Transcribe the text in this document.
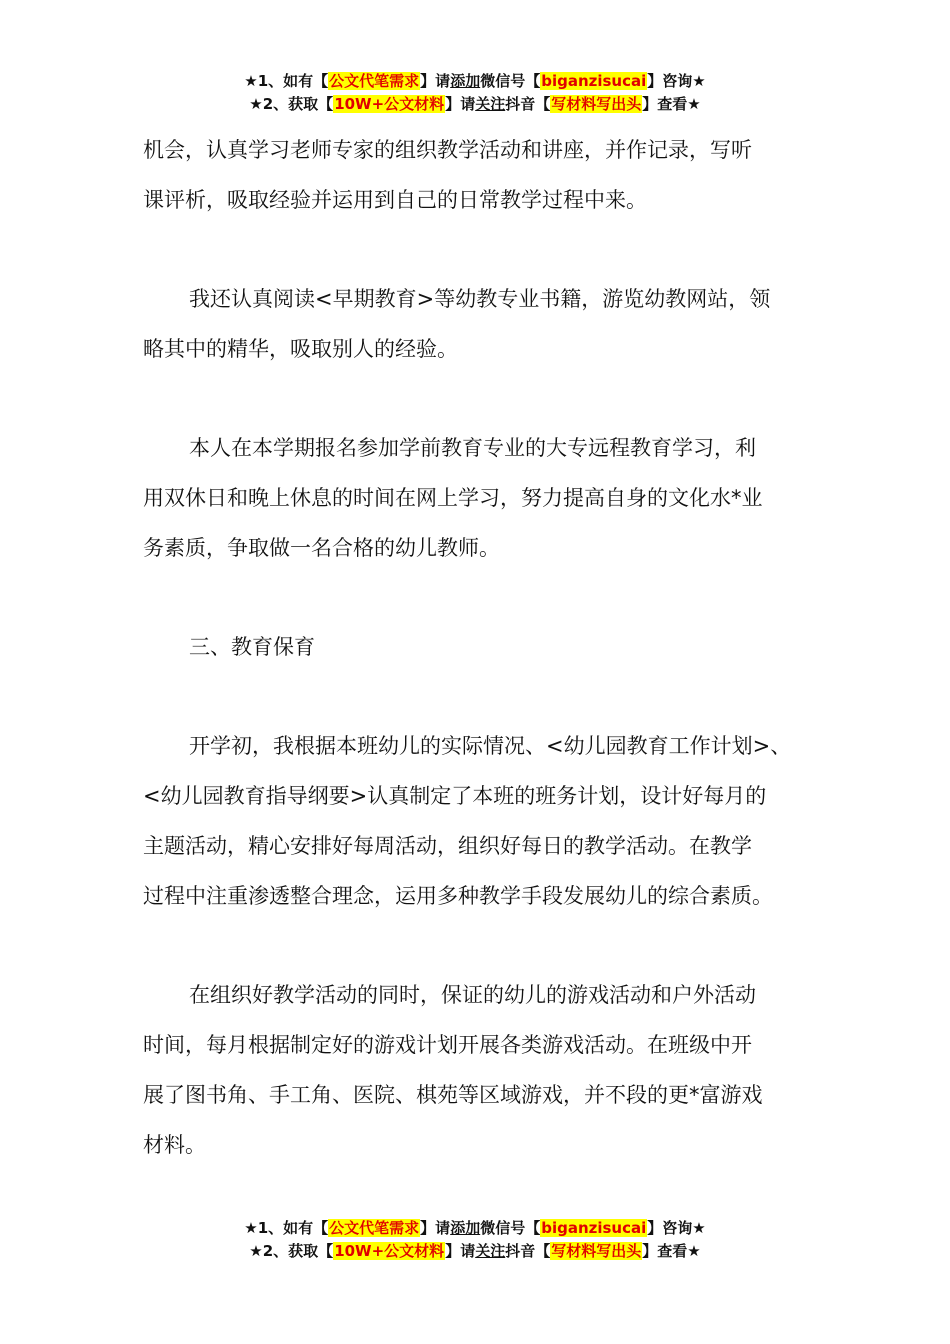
★1、如有【公文代笔需求】请添加微信号【biganzisucai】咨询★
★2、获取【10W+公文材料】请关注抖音【写材料写出头】查看★

机会，认真学习老师专家的组织教学活动和讲座，并作记录，写听
课评析，吸取经验并运用到自己的日常教学过程中来。

我还认真阅读<早期教育>等幼教专业书籍，游览幼教网站，领
略其中的精华，吸取别人的经验。

本人在本学期报名参加学前教育专业的大专远程教育学习，利
用双休日和晚上休息的时间在网上学习，努力提高自身的文化水*业
务素质，争取做一名合格的幼儿教师。

三、教育保育

开学初，我根据本班幼儿的实际情况、<幼儿园教育工作计划>、
<幼儿园教育指导纲要>认真制定了本班的班务计划，设计好每月的
主题活动，精心安排好每周活动，组织好每日的教学活动。在教学
过程中注重渗透整合理念，运用多种教学手段发展幼儿的综合素质。

在组织好教学活动的同时，保证的幼儿的游戏活动和户外活动
时间，每月根据制定好的游戏计划开展各类游戏活动。在班级中开
展了图书角、手工角、医院、棋苑等区域游戏，并不段的更*富游戏
材料。

★1、如有【公文代笔需求】请添加微信号【biganzisucai】咨询★
★2、获取【10W+公文材料】请关注抖音【写材料写出头】查看★
